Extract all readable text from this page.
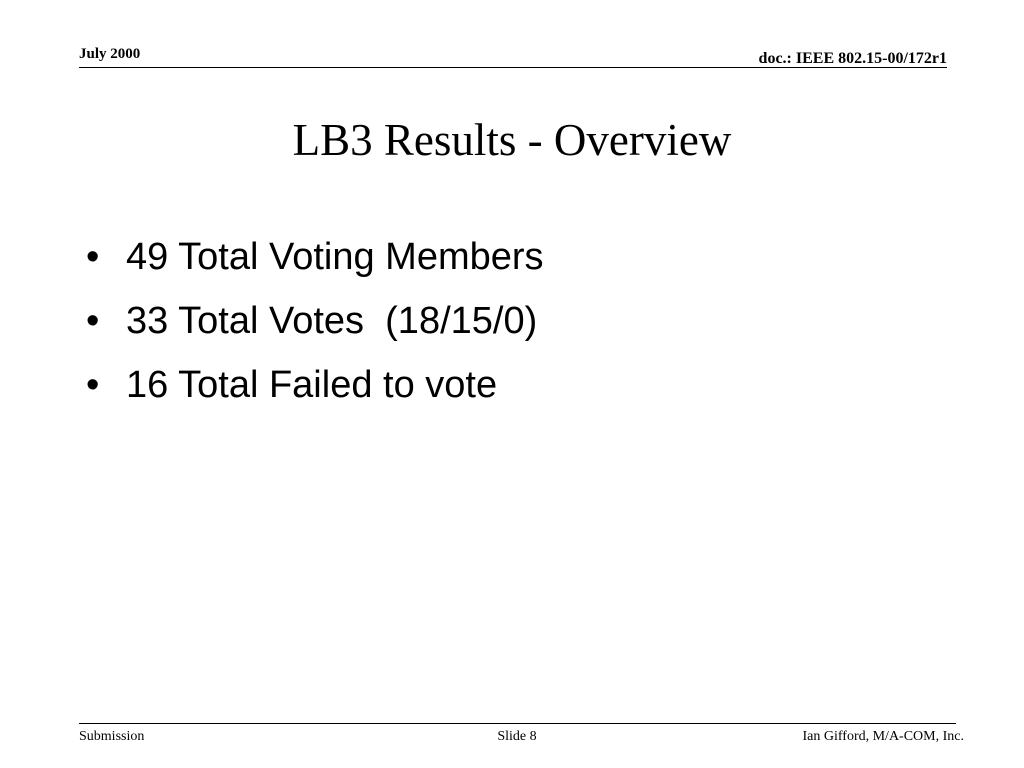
July 2000	doc.: IEEE 802.15-00/172r1
LB3 Results - Overview
• 49 Total Voting Members
• 33 Total Votes  (18/15/0)
• 16 Total Failed to vote
Submission	Slide 8	Ian Gifford, M/A-COM, Inc.
